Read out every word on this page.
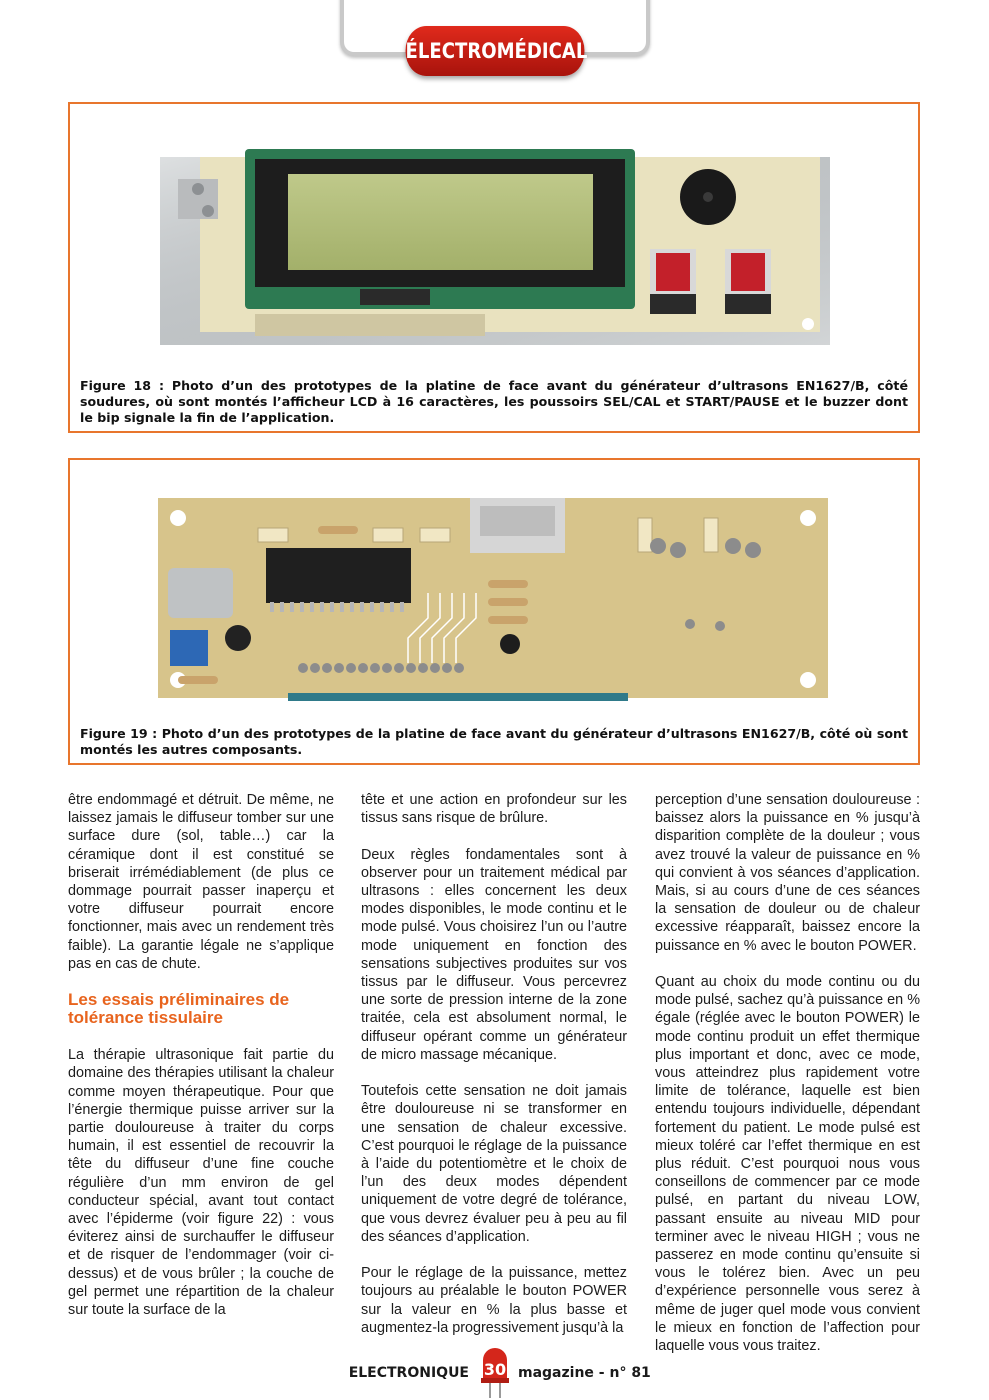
ÉLECTROMÉDICAL
Figure 18 : Photo d’un des prototypes de la platine de face avant du générateur d’ultrasons EN1627/B, côté soudures, où sont montés l’afficheur LCD à 16 caractères, les poussoirs SEL/CAL et START/PAUSE et le buzzer dont le bip signale la fin de l’application.
Figure 19 : Photo d’un des prototypes de la platine de face avant du générateur d’ultrasons EN1627/B, côté où sont montés les autres composants.

être endommagé et détruit. De même, ne laissez jamais le diffuseur tomber sur une surface dure (sol, table…) car la céramique dont il est constitué se briserait irrémédiablement (de plus ce dommage pourrait passer inaperçu et votre diffuseur pourrait encore fonctionner, mais avec un rendement très faible). La garantie légale ne s’applique pas en cas de chute.

Les essais préliminaires de tolérance tissulaire

La thérapie ultrasonique fait partie du domaine des thérapies utilisant la chaleur comme moyen thérapeutique. Pour que l’énergie thermique puisse arriver sur la partie douloureuse à traiter du corps humain, il est essentiel de recouvrir la tête du diffuseur d’une fine couche régulière d’un mm environ de gel conducteur spécial, avant tout contact avec l’épiderme (voir figure 22) : vous éviterez ainsi de surchauffer le diffuseur et de risquer de l’endommager (voir ci-dessus) et de vous brûler ; la couche de gel permet une répartition de la chaleur sur toute la surface de la

tête et une action en profondeur sur les tissus sans risque de brûlure.

Deux règles fondamentales sont à observer pour un traitement médical par ultrasons : elles concernent les deux modes disponibles, le mode continu et le mode pulsé. Vous choisirez l’un ou l’autre mode uniquement en fonction des sensations subjectives produites sur vos tissus par le diffuseur. Vous percevrez une sorte de pression interne de la zone traitée, cela est absolument normal, le diffuseur opérant comme un générateur de micro massage mécanique.

Toutefois cette sensation ne doit jamais être douloureuse ni se transformer en une sensation de chaleur excessive. C’est pourquoi le réglage de la puissance à l’aide du potentiomètre et le choix de l’un des deux modes dépendent uniquement de votre degré de tolérance, que vous devrez évaluer peu à peu au fil des séances d’application.

Pour le réglage de la puissance, mettez toujours au préalable le bouton POWER sur la valeur en % la plus basse et augmentez-la progressivement jusqu’à la

perception d’une sensation douloureuse : baissez alors la puissance en % jusqu’à disparition complète de la douleur ; vous avez trouvé la valeur de puissance en % qui convient à vos séances d’application. Mais, si au cours d’une de ces séances la sensation de douleur ou de chaleur excessive réapparaît, baissez encore la puissance en % avec le bouton POWER.

Quant au choix du mode continu ou du mode pulsé, sachez qu’à puissance en % égale (réglée avec le bouton POWER) le mode continu produit un effet thermique plus important et donc, avec ce mode, vous atteindrez plus rapidement votre limite de tolérance, laquelle est bien entendu toujours individuelle, dépendant fortement du patient. Le mode pulsé est mieux toléré car l’effet thermique en est plus réduit. C’est pourquoi nous vous conseillons de commencer par ce mode pulsé, en partant du niveau LOW, passant ensuite au niveau MID pour terminer avec le niveau HIGH ; vous ne passerez en mode continu qu’ensuite si vous le tolérez bien. Avec un peu d’expérience personnelle vous serez à même de juger quel mode vous convient le mieux en fonction de l’affection pour laquelle vous vous traitez.

ELECTRONIQUE 30 magazine - n° 81
